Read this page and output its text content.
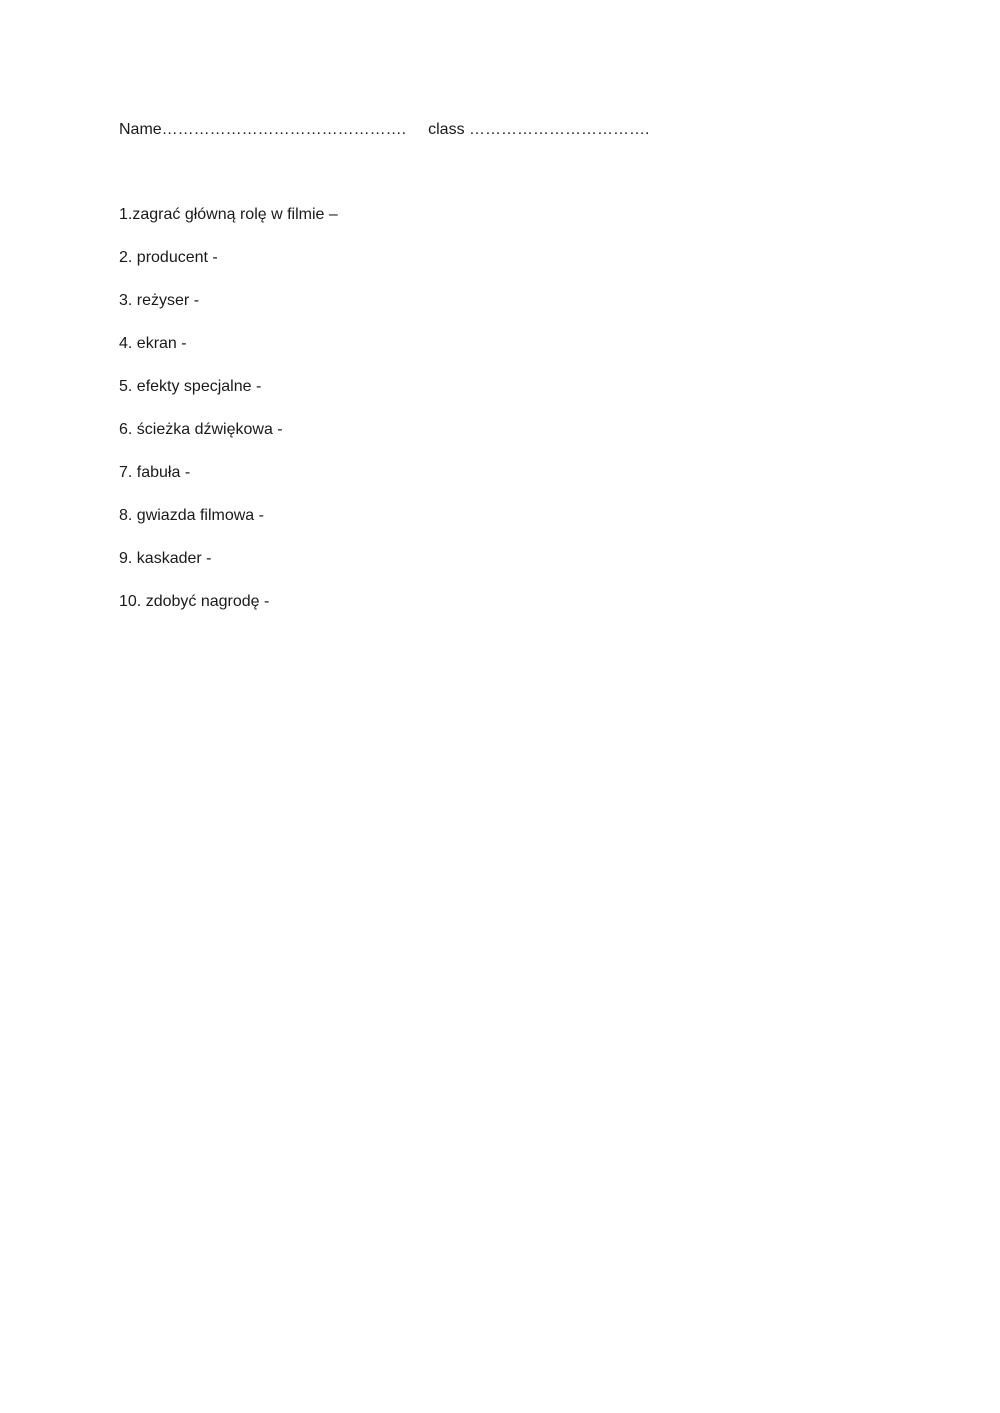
Name………………………………………. class …………………………….
1.zagrać główną rolę w filmie –
2. producent -
3. reżyser -
4. ekran -
5. efekty specjalne -
6. ścieżka dźwiękowa -
7. fabuła -
8. gwiazda filmowa -
9. kaskader -
10. zdobyć nagrodę -
